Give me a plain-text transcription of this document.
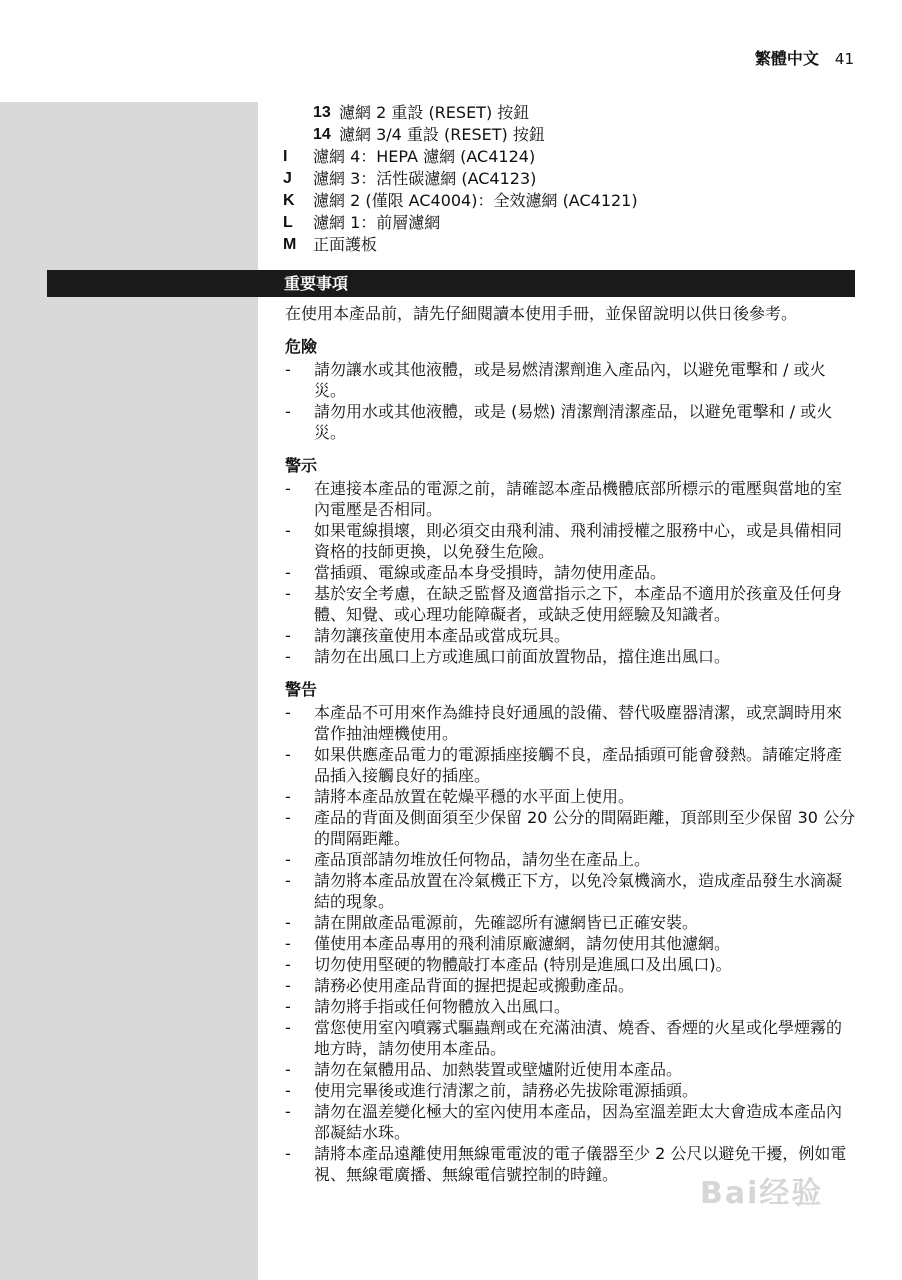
繁體中文 41
13 濾網 2 重設 (RESET) 按鈕
14 濾網 3/4 重設 (RESET) 按鈕
I	濾網 4：HEPA 濾網 (AC4124)
J	濾網 3：活性碳濾網 (AC4123)
K	濾網 2 (僅限 AC4004)：全效濾網 (AC4121)
L	濾網 1：前層濾網
M	正面護板
重要事項

在使用本產品前，請先仔細閱讀本使用手冊，並保留說明以供日後參考。

危險
-	請勿讓水或其他液體，或是易燃清潔劑進入產品內，以避免電擊和 / 或火災。
-	請勿用水或其他液體，或是 (易燃) 清潔劑清潔產品，以避免電擊和 / 或火災。
警示
-	在連接本產品的電源之前，請確認本產品機體底部所標示的電壓與當地的室內電壓是否相同。
-	如果電線損壞，則必須交由飛利浦、飛利浦授權之服務中心，或是具備相同資格的技師更換，以免發生危險。
-	當插頭、電線或產品本身受損時，請勿使用產品。
-	基於安全考慮，在缺乏監督及適當指示之下，本產品不適用於孩童及任何身體、知覺、或心理功能障礙者，或缺乏使用經驗及知識者。
-	請勿讓孩童使用本產品或當成玩具。
-	請勿在出風口上方或進風口前面放置物品，擋住進出風口。
警告
-	本產品不可用來作為維持良好通風的設備、替代吸塵器清潔，或烹調時用來當作抽油煙機使用。
-	如果供應產品電力的電源插座接觸不良，產品插頭可能會發熱。請確定將產品插入接觸良好的插座。
-	請將本產品放置在乾燥平穩的水平面上使用。
-	產品的背面及側面須至少保留 20 公分的間隔距離，頂部則至少保留 30 公分的間隔距離。
-	產品頂部請勿堆放任何物品，請勿坐在產品上。
-	請勿將本產品放置在冷氣機正下方，以免冷氣機滴水，造成產品發生水滴凝結的現象。
-	請在開啟產品電源前，先確認所有濾網皆已正確安裝。
-	僅使用本產品專用的飛利浦原廠濾網，請勿使用其他濾網。
-	切勿使用堅硬的物體敲打本產品 (特別是進風口及出風口)。
-	請務必使用產品背面的握把提起或搬動產品。
-	請勿將手指或任何物體放入出風口。
-	當您使用室內噴霧式驅蟲劑或在充滿油漬、燒香、香煙的火星或化學煙霧的地方時，請勿使用本產品。
-	請勿在氣體用品、加熱裝置或壁爐附近使用本產品。
-	使用完畢後或進行清潔之前，請務必先拔除電源插頭。
-	請勿在溫差變化極大的室內使用本產品，因為室溫差距太大會造成本產品內部凝結水珠。
-	請將本產品遠離使用無線電電波的電子儀器至少 2 公尺以避免干擾，例如電視、無線電廣播、無線電信號控制的時鐘。
Bai经验
